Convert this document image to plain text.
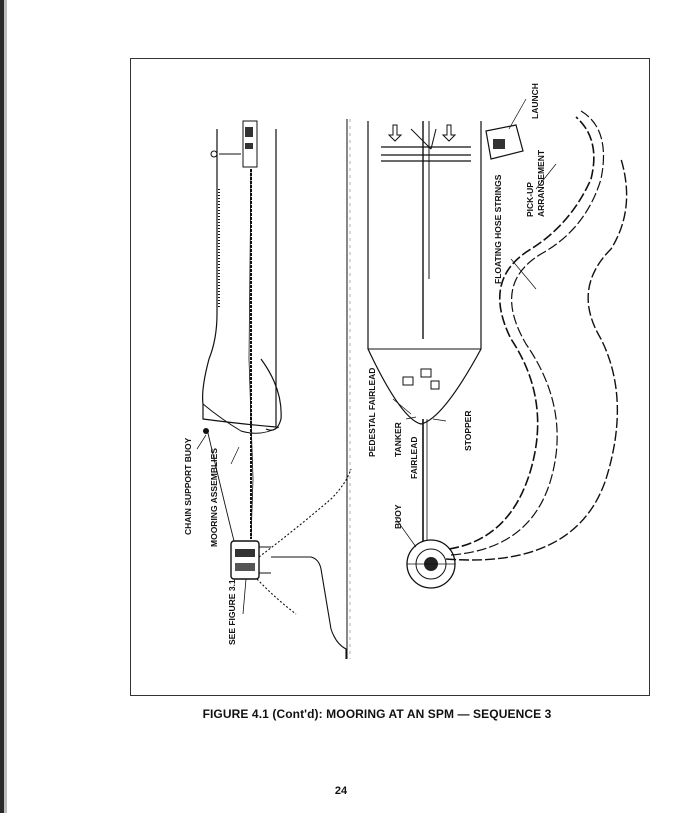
LAUNCH
PICK-UP ARRANGEMENT
FLOATING HOSE STRINGS
PEDESTAL FAIRLEAD TANKER FAIRLEAD
STOPPER
BUOY
CHAIN SUPPORT BUOY MOORING ASSEMBLIES
SEE FIGURE 3.1
FIGURE 4.1 (Cont'd): MOORING AT AN SPM — SEQUENCE 3
24
